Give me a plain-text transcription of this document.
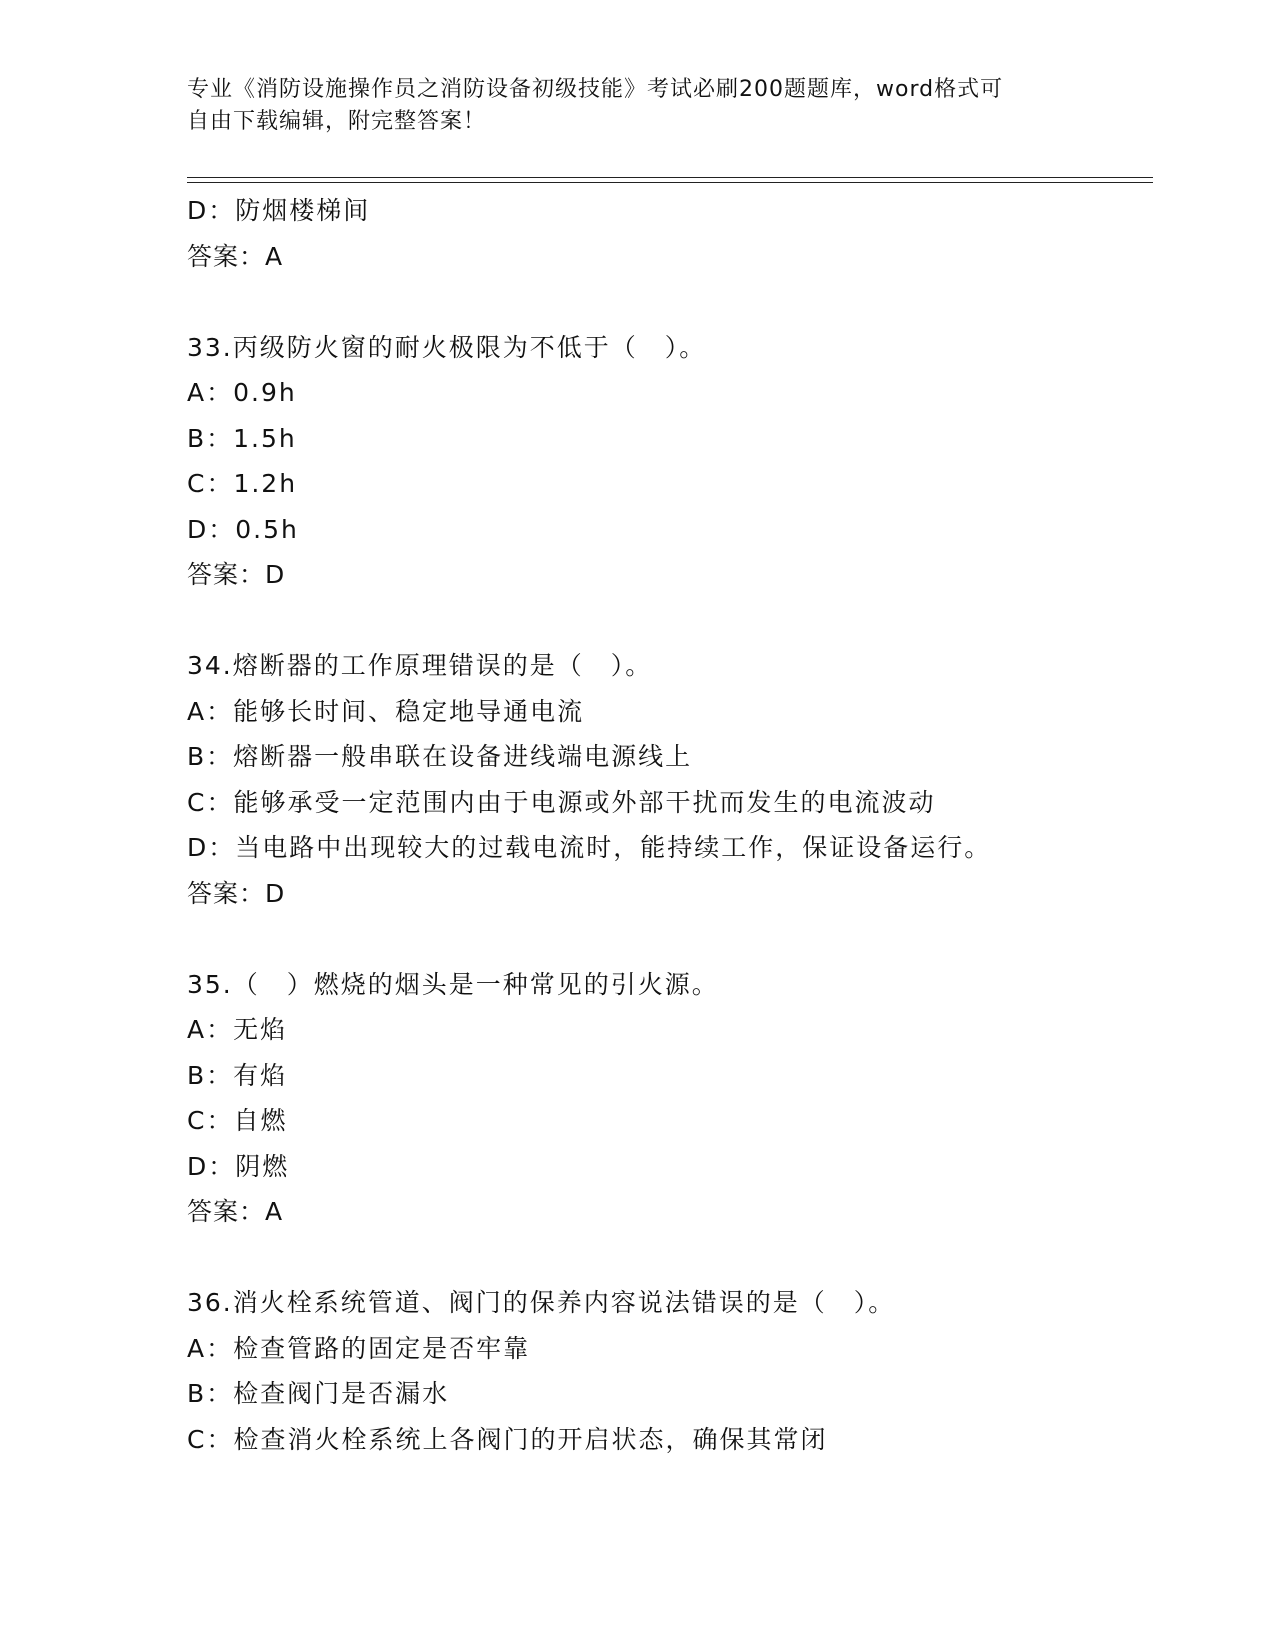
专业《消防设施操作员之消防设备初级技能》考试必刷200题题库，word格式可
自由下载编辑，附完整答案！
D：防烟楼梯间
答案：A
33.丙级防火窗的耐火极限为不低于（　）。
A：0.9h
B：1.5h
C：1.2h
D：0.5h
答案：D
34.熔断器的工作原理错误的是（　）。
A：能够长时间、稳定地导通电流
B：熔断器一般串联在设备进线端电源线上
C：能够承受一定范围内由于电源或外部干扰而发生的电流波动
D：当电路中出现较大的过载电流时，能持续工作，保证设备运行。
答案：D
35.（　）燃烧的烟头是一种常见的引火源。
A：无焰
B：有焰
C：自燃
D：阴燃
答案：A
36.消火栓系统管道、阀门的保养内容说法错误的是（　）。
A：检查管路的固定是否牢靠
B：检查阀门是否漏水
C：检查消火栓系统上各阀门的开启状态，确保其常闭
